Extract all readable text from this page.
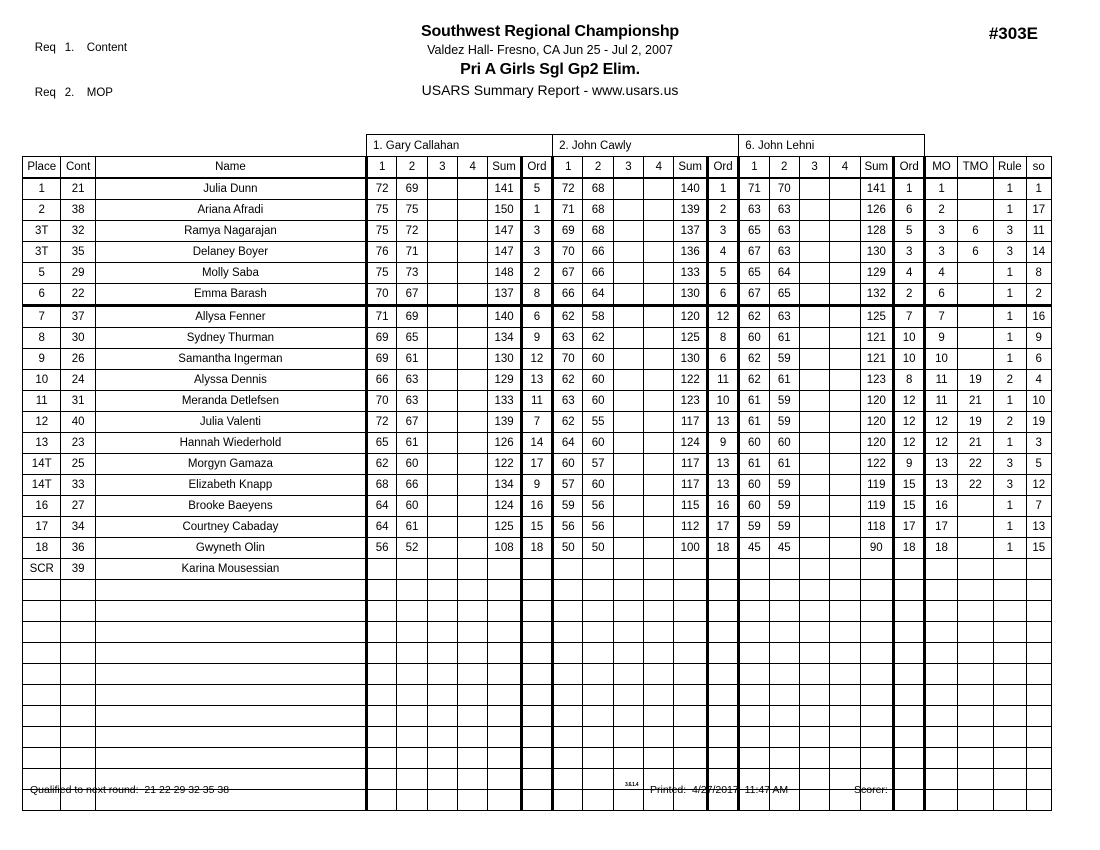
Req 1. Content

Req 2. MOP

Southwest Regional Championshp
Valdez Hall- Fresno, CA Jun 25 - Jul 2, 2007
Pri A Girls Sgl Gp2 Elim.
USARS Summary Report - www.usars.us
#303E
			1. Gary Callahan						2. John Cawly						6. John Lehni									
Place	Cont	Name	1	2	3	4	Sum	Ord	1	2	3	4	Sum	Ord	1	2	3	4	Sum	Ord	MO	TMO	Rule	so
1	21	Julia Dunn	72	69			141	5	72	68			140	1	71	70			141	1	1		1	1
2	38	Ariana Afradi	75	75			150	1	71	68			139	2	63	63			126	6	2		1	17
3T	32	Ramya Nagarajan	75	72			147	3	69	68			137	3	65	63			128	5	3	6	3	11
3T	35	Delaney Boyer	76	71			147	3	70	66			136	4	67	63			130	3	3	6	3	14
5	29	Molly Saba	75	73			148	2	67	66			133	5	65	64			129	4	4		1	8
6	22	Emma Barash	70	67			137	8	66	64			130	6	67	65			132	2	6		1	2
7	37	Allysa Fenner	71	69			140	6	62	58			120	12	62	63			125	7	7		1	16
8	30	Sydney Thurman	69	65			134	9	63	62			125	8	60	61			121	10	9		1	9
9	26	Samantha Ingerman	69	61			130	12	70	60			130	6	62	59			121	10	10		1	6
10	24	Alyssa Dennis	66	63			129	13	62	60			122	11	62	61			123	8	11	19	2	4
11	31	Meranda Detlefsen	70	63			133	11	63	60			123	10	61	59			120	12	11	21	1	10
12	40	Julia Valenti	72	67			139	7	62	55			117	13	61	59			120	12	12	19	2	19
13	23	Hannah Wiederhold	65	61			126	14	64	60			124	9	60	60			120	12	12	21	1	3
14T	25	Morgyn Gamaza	62	60			122	17	60	57			117	13	61	61			122	9	13	22	3	5
14T	33	Elizabeth Knapp	68	66			134	9	57	60			117	13	60	59			119	15	13	22	3	12
16	27	Brooke Baeyens	64	60			124	16	59	56			115	16	60	59			119	15	16		1	7
17	34	Courtney Cabaday	64	61			125	15	56	56			112	17	59	59			118	17	17		1	13
18	36	Gwyneth Olin	56	52			108	18	50	50			100	18	45	45			90	18	18		1	15
SCR	39	Karina Mousessian																						

Qualified to next round: 21 22 29 32 35 38	3.6.1.4 Printed:  4/27/2017  11:47 AM	Scorer:
